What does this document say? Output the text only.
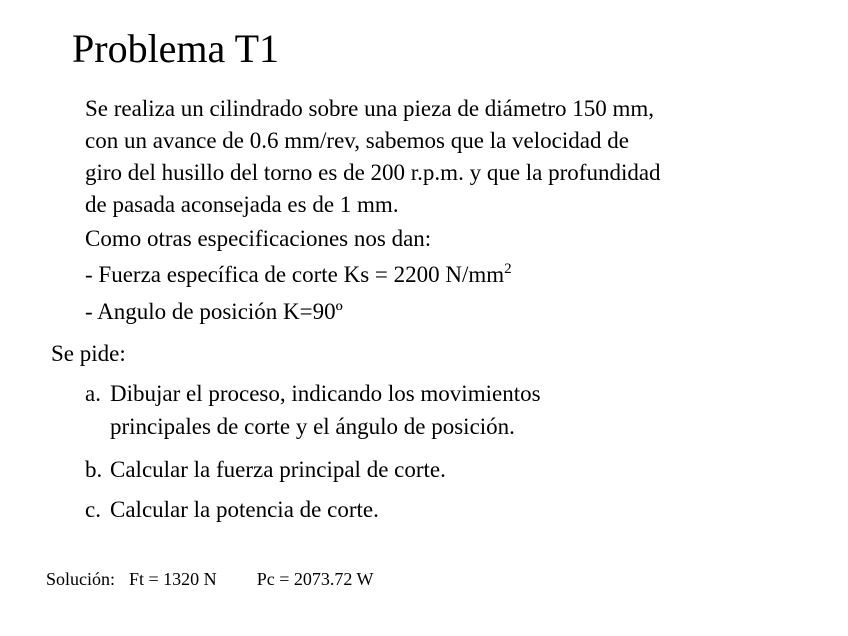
Problema T1
Se realiza un cilindrado sobre una pieza de diámetro 150 mm,
con un avance de 0.6 mm/rev, sabemos que la velocidad de
giro del husillo del torno es de 200 r.p.m. y que la profundidad
de pasada aconsejada es de 1 mm.
Como otras especificaciones nos dan:
- Fuerza específica de corte Ks = 2200 $N/mm^2$
- Angulo de posición K=90º
Se pide:
a. Dibujar el proceso, indicando los movimientos
principales de corte y el ángulo de posición.
b. Calcular la fuerza principal de corte.
c. Calcular la potencia de corte.
Solución: Ft = 1320 N Pc = 2073.72 W
